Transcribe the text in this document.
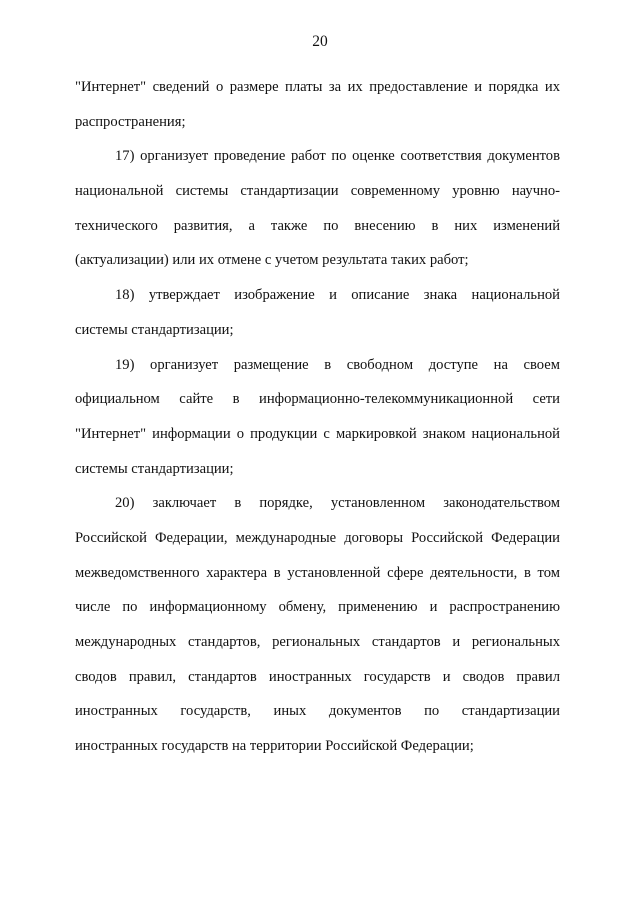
20
"Интернет" сведений о размере платы за их предоставление и порядка их
распространения;
17) организует проведение работ по оценке соответствия документов
национальной системы стандартизации современному уровню научно-
технического развития, а также по внесению в них изменений
(актуализации) или их отмене с учетом результата таких работ;
18) утверждает изображение и описание знака национальной
системы стандартизации;
19) организует размещение в свободном доступе на своем
официальном сайте в информационно-телекоммуникационной сети
"Интернет" информации о продукции с маркировкой знаком национальной
системы стандартизации;
20) заключает в порядке, установленном законодательством
Российской Федерации, международные договоры Российской Федерации
межведомственного характера в установленной сфере деятельности, в том
числе по информационному обмену, применению и распространению
международных стандартов, региональных стандартов и региональных
сводов правил, стандартов иностранных государств и сводов правил
иностранных государств, иных документов по стандартизации
иностранных государств на территории Российской Федерации;
